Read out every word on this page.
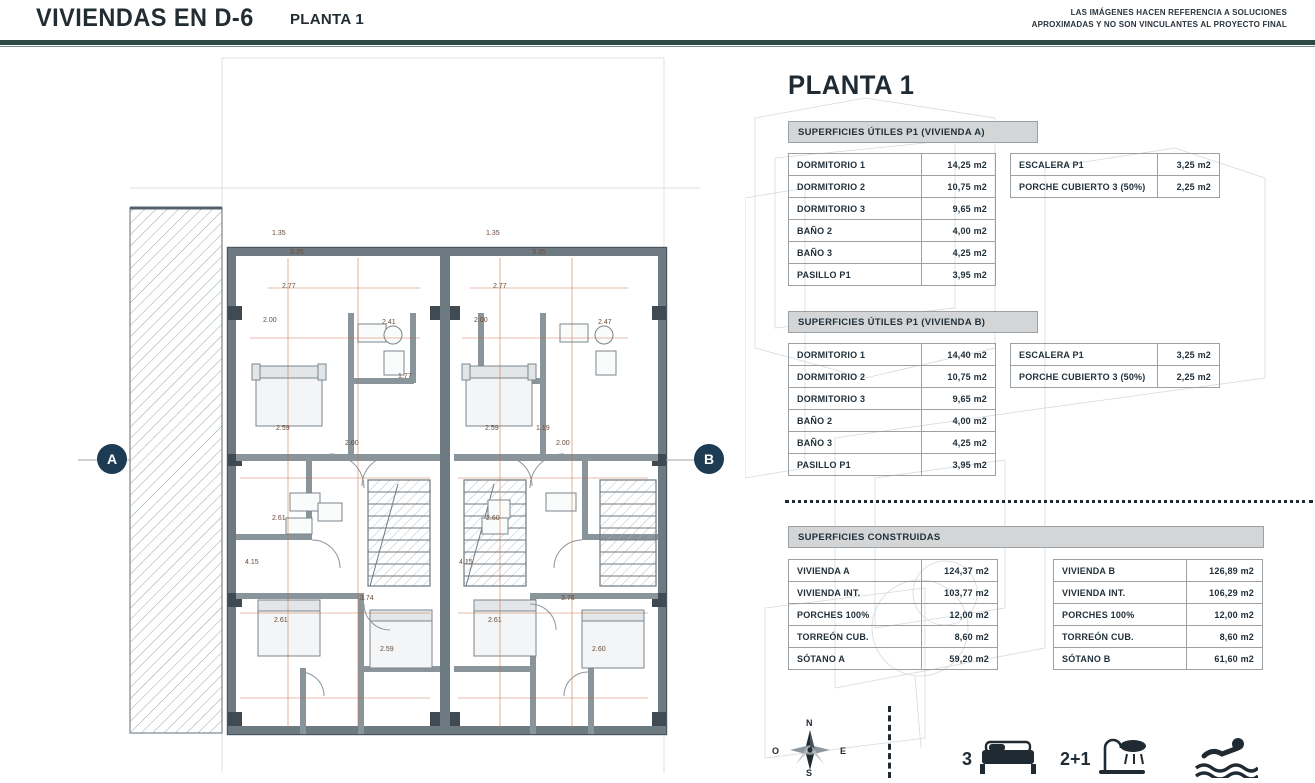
VIVIENDAS EN D-6 PLANTA 1	LAS IMÁGENES HACEN REFERENCIA A SOLUCIONES
APROXIMADAS Y NO SON VINCULANTES AL PROYECTO FINAL
1.35
3.35
2.77
2.00	2.41
1.77
2.59
2.00
2.61
4.15
3.74
2.61
2.59
1.35
3.35
2.77
2.00	2.47
2.59	1.19
2.00
2.60
4.15
3.76
2.61
2.60
A	B
PLANTA 1
SUPERFICIES ÚTILES P1 (VIVIENDA A)
DORMITORIO 1	14,25 m2
DORMITORIO 2	10,75 m2
DORMITORIO 3	9,65 m2
BAÑO 2	4,00 m2
BAÑO 3	4,25 m2
PASILLO P1	3,95 m2
ESCALERA P1	3,25 m2
PORCHE CUBIERTO 3 (50%)	2,25 m2
SUPERFICIES ÚTILES P1 (VIVIENDA B)
DORMITORIO 1	14,40 m2
DORMITORIO 2	10,75 m2
DORMITORIO 3	9,65 m2
BAÑO 2	4,00 m2
BAÑO 3	4,25 m2
PASILLO P1	3,95 m2
ESCALERA P1	3,25 m2
PORCHE CUBIERTO 3 (50%)	2,25 m2
SUPERFICIES CONSTRUIDAS
VIVIENDA A	124,37 m2
VIVIENDA INT.	103,77 m2
PORCHES 100%	12,00 m2
TORREÓN CUB.	8,60 m2
SÓTANO A	59,20 m2
VIVIENDA B	126,89 m2
VIVIENDA INT.	106,29 m2
PORCHES 100%	12,00 m2
TORREÓN CUB.	8,60 m2
SÓTANO B	61,60 m2
N
S
O	E	3	2+1
